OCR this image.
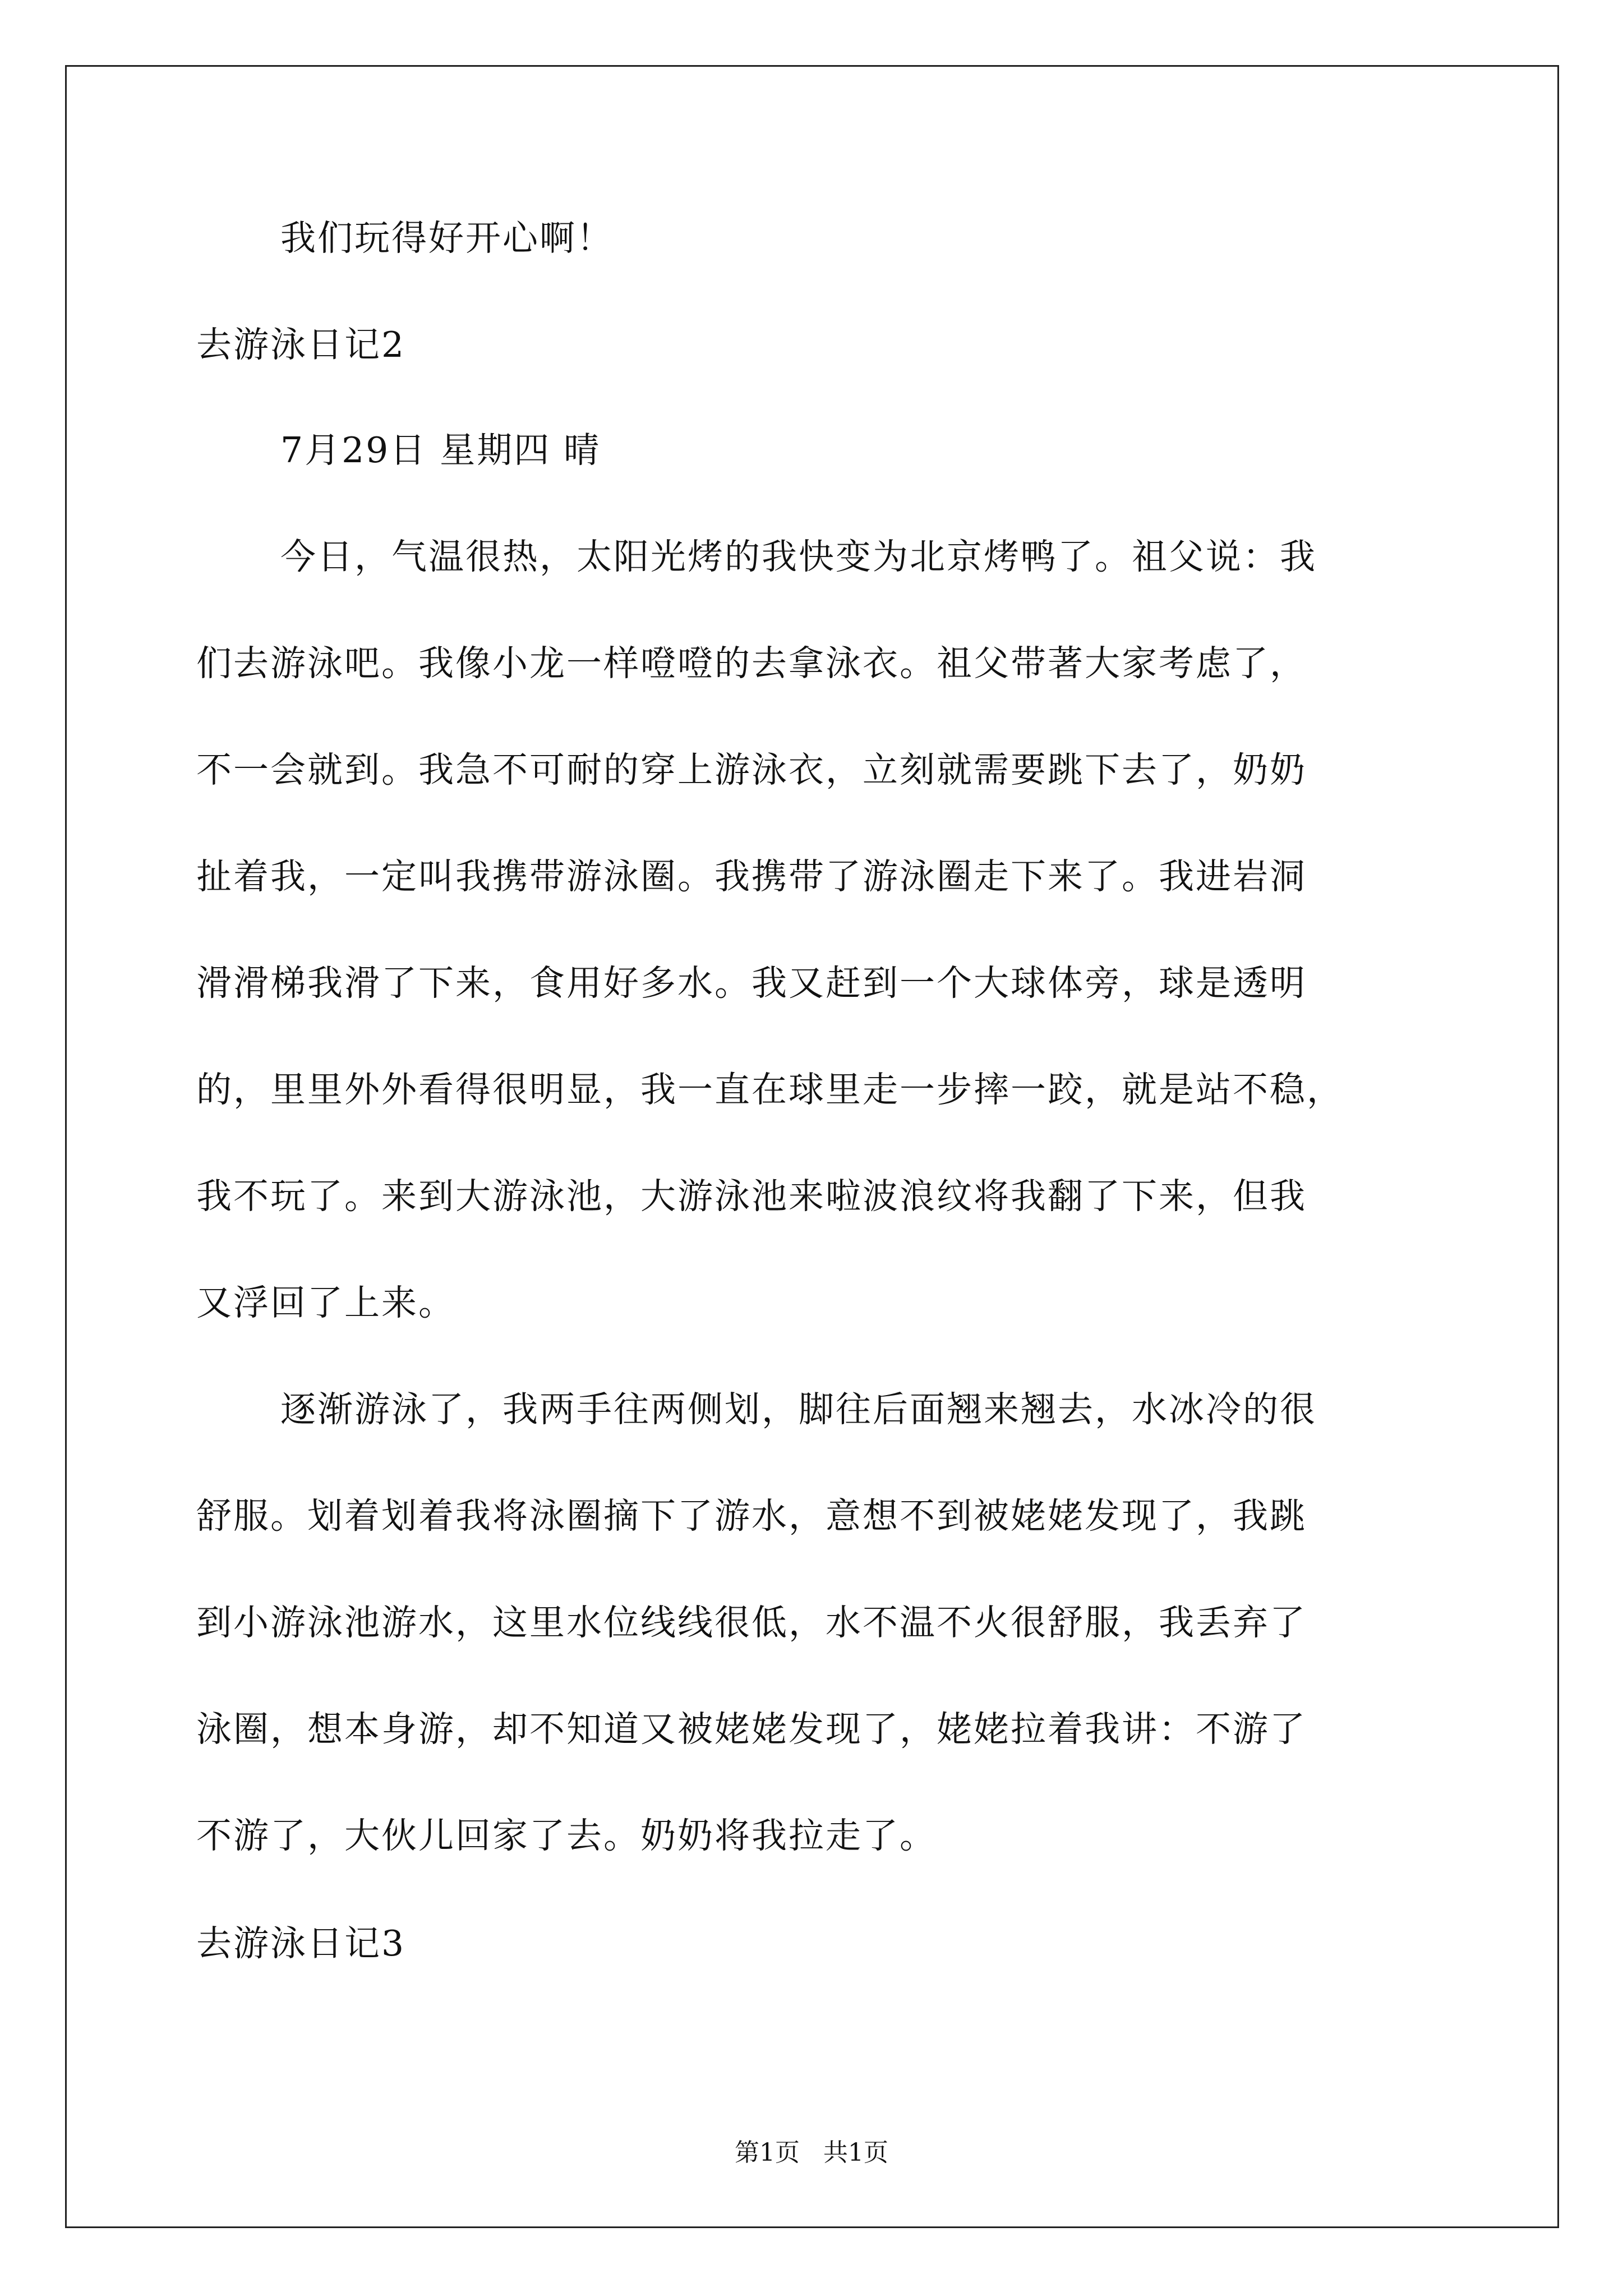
我们玩得好开心啊！
去游泳日记2
7月29日 星期四 晴
今日，气温很热，太阳光烤的我快变为北京烤鸭了。祖父说：我
们去游泳吧。我像小龙一样噔噔的去拿泳衣。祖父带著大家考虑了，
不一会就到。我急不可耐的穿上游泳衣，立刻就需要跳下去了，奶奶
扯着我，一定叫我携带游泳圈。我携带了游泳圈走下来了。我进岩洞
滑滑梯我滑了下来，食用好多水。我又赶到一个大球体旁，球是透明
的，里里外外看得很明显，我一直在球里走一步摔一跤，就是站不稳，
我不玩了。来到大游泳池，大游泳池来啦波浪纹将我翻了下来，但我
又浮回了上来。
逐渐游泳了，我两手往两侧划，脚往后面翘来翘去，水冰冷的很
舒服。划着划着我将泳圈摘下了游水，意想不到被姥姥发现了，我跳
到小游泳池游水，这里水位线线很低，水不温不火很舒服，我丢弃了
泳圈，想本身游，却不知道又被姥姥发现了，姥姥拉着我讲：不游了
不游了，大伙儿回家了去。奶奶将我拉走了。
去游泳日记3
第1页   共1页
